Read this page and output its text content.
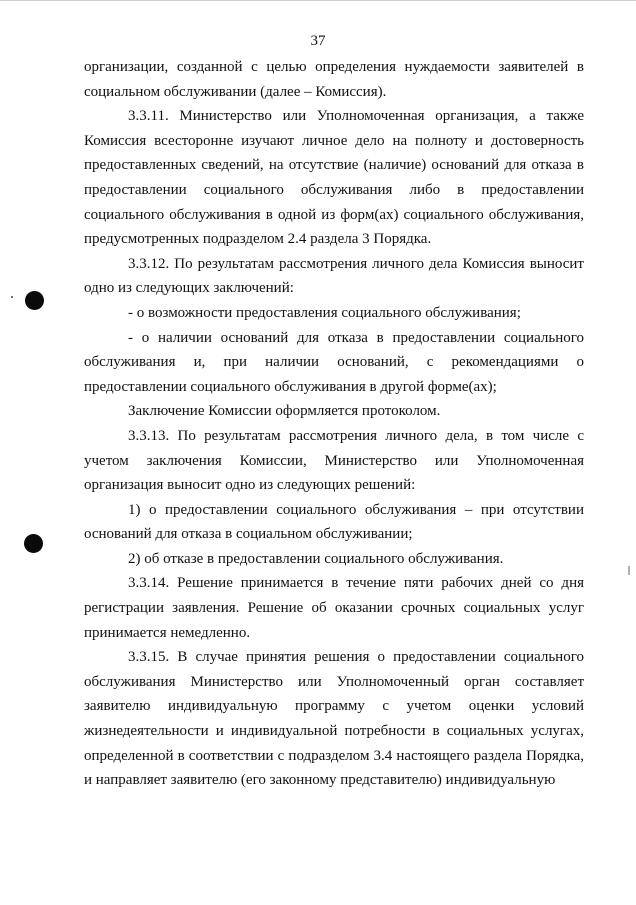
37

организации, созданной с целью определения нуждаемости заявителей в социальном обслуживании (далее – Комиссия).

3.3.11. Министерство или Уполномоченная организация, а также Комиссия всесторонне изучают личное дело на полноту и достоверность предоставленных сведений, на отсутствие (наличие) оснований для отказа в предоставлении социального обслуживания либо в предоставлении социального обслуживания в одной из форм(ах) социального обслуживания, предусмотренных подразделом 2.4 раздела 3 Порядка.

3.3.12. По результатам рассмотрения личного дела Комиссия выносит одно из следующих заключений:

- о возможности предоставления социального обслуживания;

- о наличии оснований для отказа в предоставлении социального обслуживания и, при наличии оснований, с рекомендациями о предоставлении социального обслуживания в другой форме(ах);

Заключение Комиссии оформляется протоколом.

3.3.13. По результатам рассмотрения личного дела, в том числе с учетом заключения Комиссии, Министерство или Уполномоченная организация выносит одно из следующих решений:

1) о предоставлении социального обслуживания – при отсутствии оснований для отказа в социальном обслуживании;

2) об отказе в предоставлении социального обслуживания.

3.3.14. Решение принимается в течение пяти рабочих дней со дня регистрации заявления. Решение об оказании срочных социальных услуг принимается немедленно.

3.3.15. В случае принятия решения о предоставлении социального обслуживания Министерство или Уполномоченный орган составляет заявителю индивидуальную программу с учетом оценки условий жизнедеятельности и индивидуальной потребности в социальных услугах, определенной в соответствии с подразделом 3.4 настоящего раздела Порядка, и направляет заявителю (его законному представителю) индивидуальную
